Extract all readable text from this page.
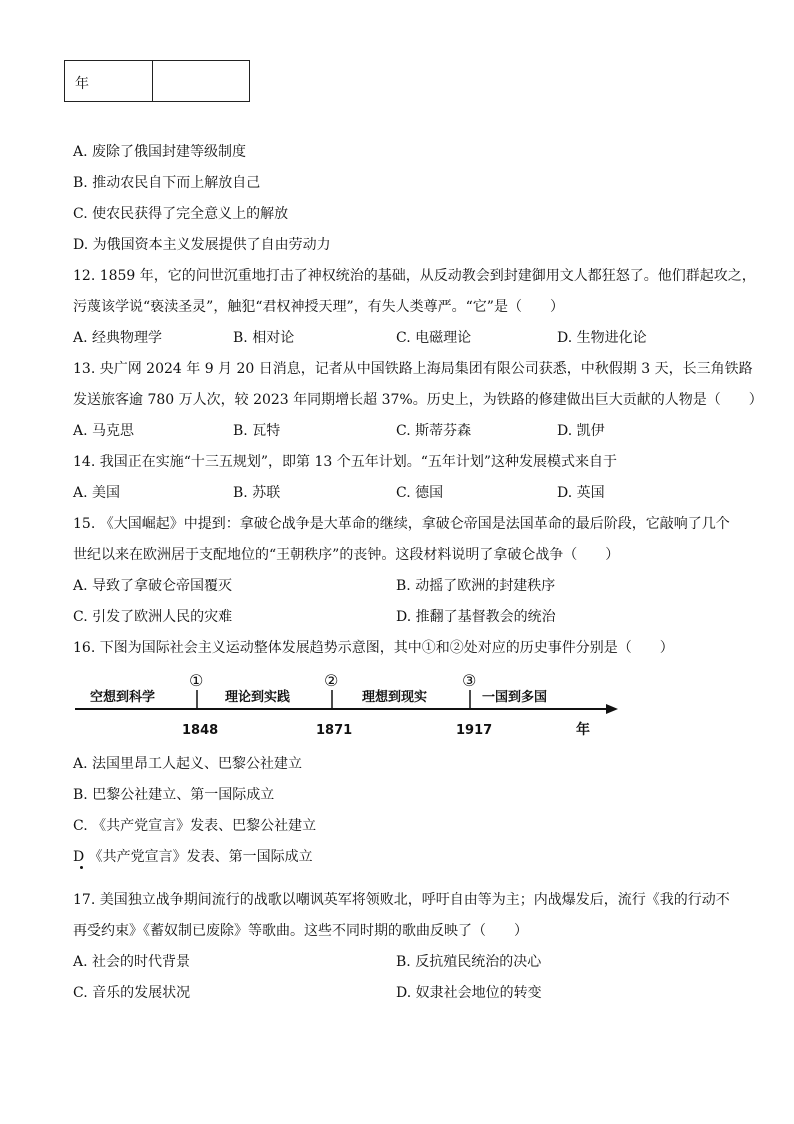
年
A. 废除了俄国封建等级制度
B. 推动农民自下而上解放自己
C. 使农民获得了完全意义上的解放
D. 为俄国资本主义发展提供了自由劳动力
12. 1859 年，它的问世沉重地打击了神权统治的基础，从反动教会到封建御用文人都狂怒了。他们群起攻之，
污蔑该学说“亵渎圣灵”，触犯“君权神授天理”，有失人类尊严。“它”是（　　）
A. 经典物理学	B. 相对论	C. 电磁理论	D. 生物进化论
13. 央广网 2024 年 9 月 20 日消息，记者从中国铁路上海局集团有限公司获悉，中秋假期 3 天，长三角铁路
发送旅客逾 780 万人次，较 2023 年同期增长超 37%。历史上，为铁路的修建做出巨大贡献的人物是（　　）
A. 马克思	B. 瓦特	C. 斯蒂芬森	D. 凯伊
14. 我国正在实施“十三五规划”，即第 13 个五年计划。“五年计划”这种发展模式来自于
A. 美国	B. 苏联	C. 德国	D. 英国
15. 《大国崛起》中提到：拿破仑战争是大革命的继续，拿破仑帝国是法国革命的最后阶段，它敲响了几个
世纪以来在欧洲居于支配地位的“王朝秩序”的丧钟。这段材料说明了拿破仑战争（　　）
A. 导致了拿破仑帝国覆灭	B. 动摇了欧洲的封建秩序
C. 引发了欧洲人民的灾难	D. 推翻了基督教会的统治
16. 下图为国际社会主义运动整体发展趋势示意图，其中①和②处对应的历史事件分别是（　　）
空想到科学	理论到实践	理想到现实	一国到多国
①	②	③
1848	1871	1917	年
A. 法国里昂工人起义、巴黎公社建立
B. 巴黎公社建立、第一国际成立
C. 《共产党宣言》发表、巴黎公社建立
D 《共产党宣言》发表、第一国际成立
17. 美国独立战争期间流行的战歌以嘲讽英军将领败北，呼吁自由等为主；内战爆发后，流行《我的行动不
再受约束》《蓄奴制已废除》等歌曲。这些不同时期的歌曲反映了（　　）
A. 社会的时代背景	B. 反抗殖民统治的决心
C. 音乐的发展状况	D. 奴隶社会地位的转变
